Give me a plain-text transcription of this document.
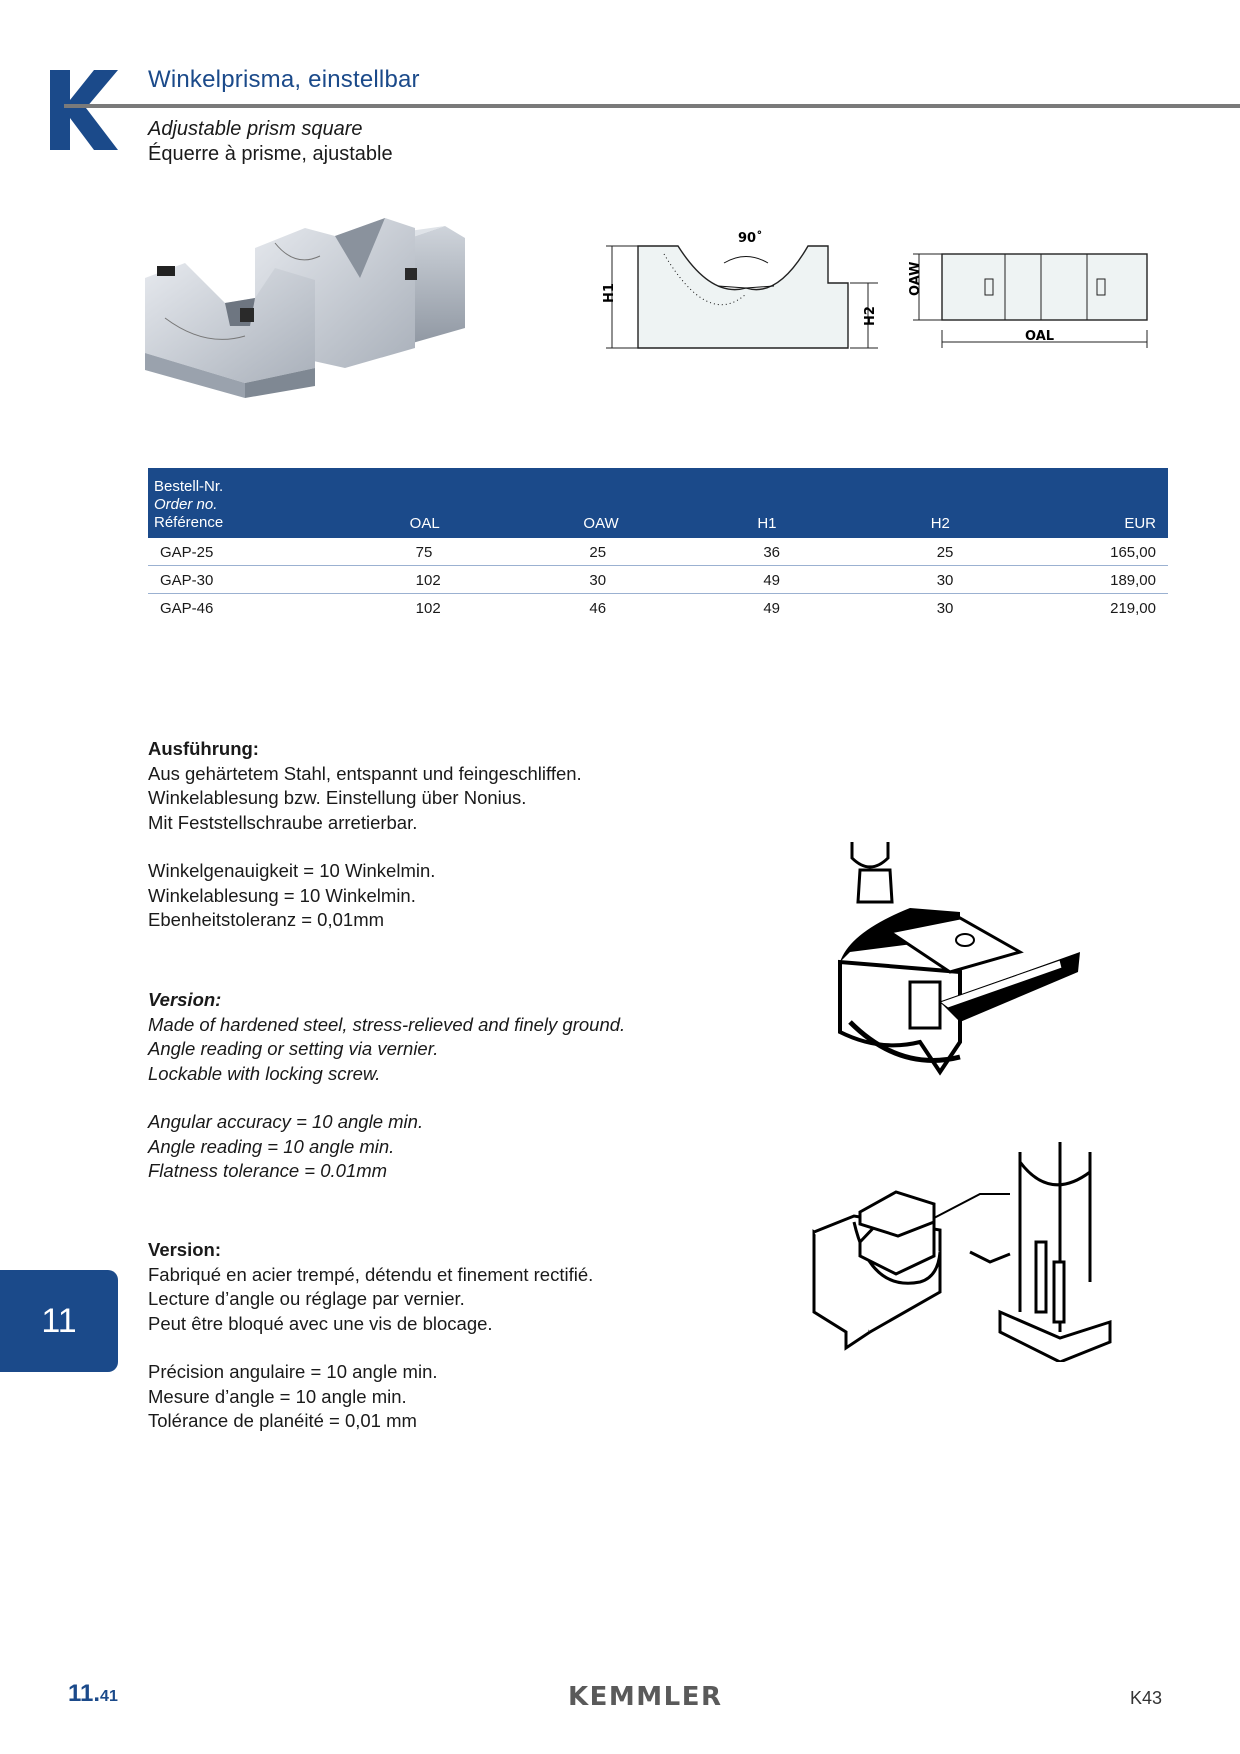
Winkelprisma, einstellbar
Adjustable prism square
Équerre à prisme, ajustable
90˚
H1
H2
OAW
OAL
Bestell-Nr.
Order no.
Référence	OAL	OAW	H1	H2	EUR
GAP-25	75	25	36	25	165,00
GAP-30	102	30	49	30	189,00
GAP-46	102	46	49	30	219,00

Ausführung:

Aus gehärtetem Stahl, entspannt und feingeschliffen.

Winkelablesung bzw. Einstellung über Nonius.

Mit Feststellschraube arretierbar.

Winkelgenauigkeit = 10 Winkelmin.

Winkelablesung = 10 Winkelmin.

Ebenheitstoleranz = 0,01mm

Version:

Made of hardened steel, stress-relieved and finely ground.

Angle reading or setting via vernier.

Lockable with locking screw.

Angular accuracy = 10 angle min.

Angle reading = 10 angle min.

Flatness tolerance = 0.01mm

Version:

Fabriqué en acier trempé, détendu et finement rectifié.

Lecture d’angle ou réglage par vernier.

Peut être bloqué avec une vis de blocage.

Précision angulaire = 10 angle min.

Mesure d’angle = 10 angle min.

Tolérance de planéité = 0,01 mm

11
11.41	KEMMLER	K43
